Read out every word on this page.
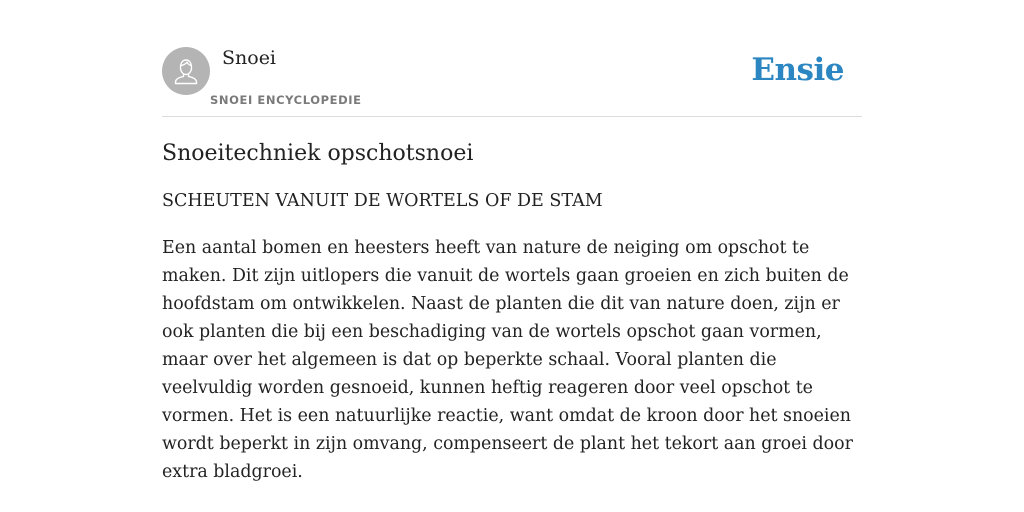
Snoei
SNOEI ENCYCLOPEDIE
Ensie
Snoeitechniek opschotsnoei
SCHEUTEN VANUIT DE WORTELS OF DE STAM

Een aantal bomen en heesters heeft van nature de neiging om opschot te maken. Dit zijn uitlopers die vanuit de wortels gaan groeien en zich buiten de hoofdstam om ontwikkelen. Naast de planten die dit van nature doen, zijn er ook planten die bij een beschadiging van de wortels opschot gaan vormen, maar over het algemeen is dat op beperkte schaal. Vooral planten die veelvuldig worden gesnoeid, kunnen heftig reageren door veel opschot te vormen. Het is een natuurlijke reactie, want omdat de kroon door het snoeien wordt beperkt in zijn omvang, compenseert de plant het tekort aan groei door extra bladgroei.
